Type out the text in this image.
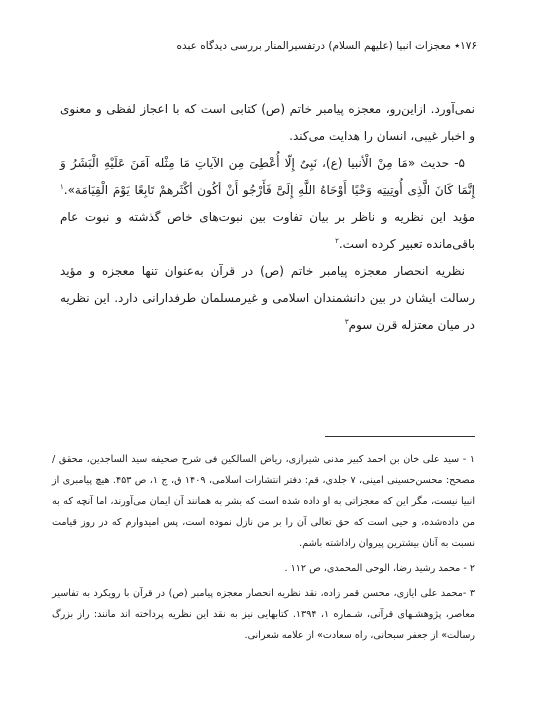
۱۷۶٭ معجزات انبیا (علیهم السلام) درتفسیرالمنار بررسی دیدگاه عبده

نمی‌آورد. ازاین‌رو، معجزه پیامبر خاتم (ص) کتابی است که با اعجاز لفظی و معنوی و اخبار غیبی، انسان را هدایت می‌کند.

۵- حدیث «مَا مِنْ الْأنبیا (ع)، نَبِیٌ إِلّا أُعْطِیَ مِن الآیاتِ مَا مِثْله آمَنَ عَلَیْهِ الْبَشَرُ وَ إِنَّمَا کَانَ الَّذِی أُوتِیتِه وَحْیًا أَوْحَاهُ اللَّهِ إِلَیَّ فَأَرْجُو أَنْ أکُون أکْثَرهمْ تَابِعًا یَوْمَ الْقِیَامَة».$^۱$ مؤید این نظریه و ناظر بر بیان تفاوت بین نبوت‌های خاص گذشته و نبوت عام باقی‌مانده تعبیر کرده است.$^۲$

نظریه انحصار معجزه پیامبر خاتم (ص) در قرآن به‌عنوان تنها معجزه و مؤید رسالت ایشان در بین دانشمندان اسلامی و غیرمسلمان طرفدارانی دارد. این نظریه در میان معتزله قرن سوم$^۳$

۱ - سید علی خان بن احمد کبیر مدنی شیرازی، ریاض السالکین فی شرح صحیفه سید الساجدین، محقق / مصحح: محسن‌حسینی امینی، ۷ جلدی، قم: دفتر انتشارات اسلامی، ۱۴۰۹ ق، ج ۱، ص ۴۵۳. هیچ پیامبری از انبیا نیست، مگر این که معجزاتی به او داده شده است که بشر به همانند آن ایمان می‌آورند، اما آنچه که به من دادەشده، و حیی است که حق تعالی آن را بر من نازل نموده است، پس امیدوارم که در روز قیامت نسبت به آنان بیشترین پیروان راداشته باشم.

۲ - محمد رشید رضا، الوحی المحمدی، ص ۱۱۲ .

۳ -محمد علی ایازی، محسن قمر زاده، نقد نظریه انحصار معجزه پیامبر (ص) در قرآن با رویکرد به تفاسیر معاصر، پژوهشـهای قرآنی، شـماره ۱، ۱۳۹۴. کتابهایی نیز به نقد این نظریه پرداخته اند مانند: راز بزرگ رسالت» از جعفر سبحانی، راه سعادت» از علامه شعرانی.
